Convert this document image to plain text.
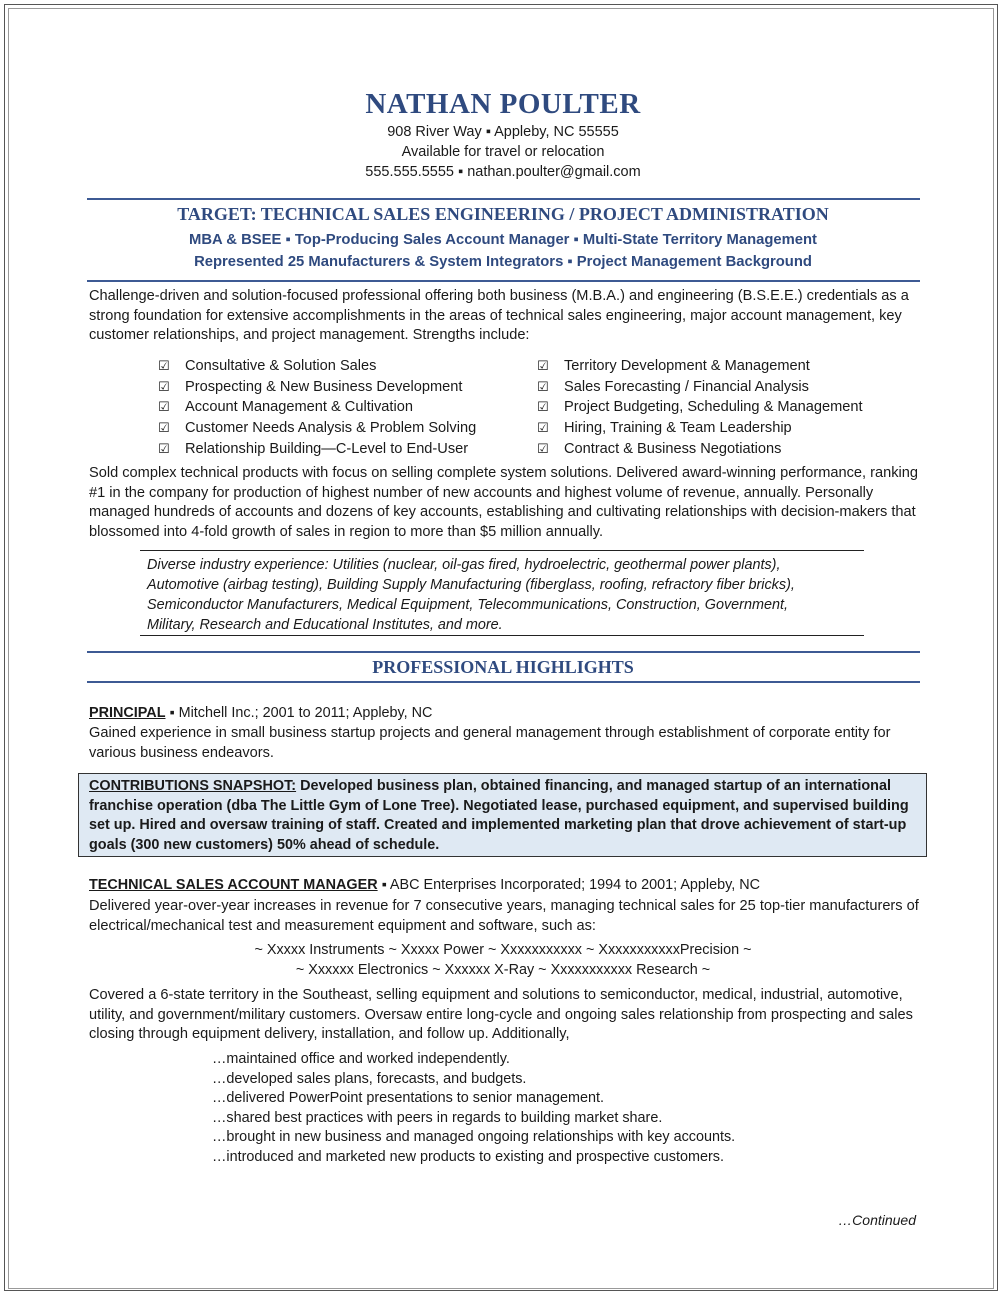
NATHAN POULTER
908 River Way ▪ Appleby, NC 55555
Available for travel or relocation
555.555.5555 ▪ nathan.poulter@gmail.com
TARGET: TECHNICAL SALES ENGINEERING / PROJECT ADMINISTRATION
MBA & BSEE ▪ Top-Producing Sales Account Manager ▪ Multi-State Territory Management
Represented 25 Manufacturers & System Integrators ▪ Project Management Background

Challenge-driven and solution-focused professional offering both business (M.B.A.) and engineering (B.S.E.E.) credentials as a strong foundation for extensive accomplishments in the areas of technical sales engineering, major account management, key customer relationships, and project management. Strengths include:

☑ Consultative & Solution Sales
☑ Prospecting & New Business Development
☑ Account Management & Cultivation
☑ Customer Needs Analysis & Problem Solving
☑ Relationship Building—C-Level to End-User
☑ Territory Development & Management
☑ Sales Forecasting / Financial Analysis
☑ Project Budgeting, Scheduling & Management
☑ Hiring, Training & Team Leadership
☑ Contract & Business Negotiations

Sold complex technical products with focus on selling complete system solutions. Delivered award-winning performance, ranking #1 in the company for production of highest number of new accounts and highest volume of revenue, annually. Personally managed hundreds of accounts and dozens of key accounts, establishing and cultivating relationships with decision-makers that blossomed into 4-fold growth of sales in region to more than $5 million annually.

Diverse industry experience: Utilities (nuclear, oil-gas fired, hydroelectric, geothermal power plants),
Automotive (airbag testing), Building Supply Manufacturing (fiberglass, roofing, refractory fiber bricks),
Semiconductor Manufacturers, Medical Equipment, Telecommunications, Construction, Government,
Military, Research and Educational Institutes, and more.
PROFESSIONAL HIGHLIGHTS
PRINCIPAL ▪ Mitchell Inc.; 2001 to 2011; Appleby, NC

Gained experience in small business startup projects and general management through establishment of corporate entity for various business endeavors.

CONTRIBUTIONS SNAPSHOT: Developed business plan, obtained financing, and managed startup of an international franchise operation (dba The Little Gym of Lone Tree). Negotiated lease, purchased equipment, and supervised building set up. Hired and oversaw training of staff. Created and implemented marketing plan that drove achievement of start-up goals (300 new customers) 50% ahead of schedule.
TECHNICAL SALES ACCOUNT MANAGER ▪ ABC Enterprises Incorporated; 1994 to 2001; Appleby, NC

Delivered year-over-year increases in revenue for 7 consecutive years, managing technical sales for 25 top-tier manufacturers of electrical/mechanical test and measurement equipment and software, such as:

~ Xxxxx Instruments ~ Xxxxx Power ~ Xxxxxxxxxxx ~ XxxxxxxxxxxPrecision ~
~ Xxxxxx Electronics ~ Xxxxxx X-Ray ~ Xxxxxxxxxxx Research ~

Covered a 6-state territory in the Southeast, selling equipment and solutions to semiconductor, medical, industrial, automotive, utility, and government/military customers. Oversaw entire long-cycle and ongoing sales relationship from prospecting and sales closing through equipment delivery, installation, and follow up. Additionally,

…maintained office and worked independently.
…developed sales plans, forecasts, and budgets.
…delivered PowerPoint presentations to senior management.
…shared best practices with peers in regards to building market share.
…brought in new business and managed ongoing relationships with key accounts.
…introduced and marketed new products to existing and prospective customers.
…Continued
